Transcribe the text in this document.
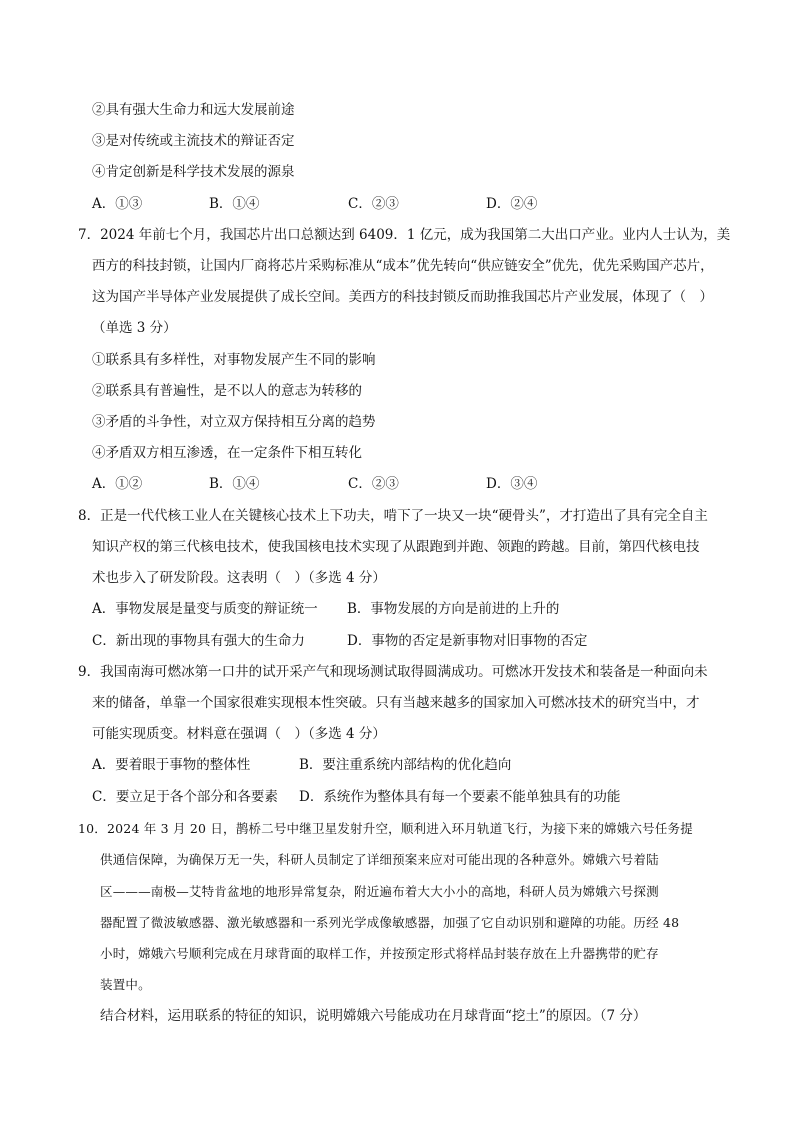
②具有强大生命力和远大发展前途
③是对传统或主流技术的辩证否定
④肯定创新是科学技术发展的源泉
A．①③	B．①④	C．②③	D．②④
7．2024 年前七个月，我国芯片出口总额达到 6409．1 亿元，成为我国第二大出口产业。业内人士认为，美
西方的科技封锁，让国内厂商将芯片采购标准从“成本”优先转向“供应链安全”优先，优先采购国产芯片，
这为国产半导体产业发展提供了成长空间。美西方的科技封锁反而助推我国芯片产业发展，体现了（　）
（单选 3 分）
①联系具有多样性，对事物发展产生不同的影响
②联系具有普遍性，是不以人的意志为转移的
③矛盾的斗争性，对立双方保持相互分离的趋势
④矛盾双方相互渗透，在一定条件下相互转化
A．①②	B．①④	C．②③	D．③④
8．正是一代代核工业人在关键核心技术上下功夫，啃下了一块又一块“硬骨头”，才打造出了具有完全自主
知识产权的第三代核电技术，使我国核电技术实现了从跟跑到并跑、领跑的跨越。目前，第四代核电技
术也步入了研发阶段。这表明（　）（多选 4 分）
A．事物发展是量变与质变的辩证统一 B．事物发展的方向是前进的上升的
C．新出现的事物具有强大的生命力	D．事物的否定是新事物对旧事物的否定
9．我国南海可燃冰第一口井的试开采产气和现场测试取得圆满成功。可燃冰开发技术和装备是一种面向未
来的储备，单靠一个国家很难实现根本性突破。只有当越来越多的国家加入可燃冰技术的研究当中，才
可能实现质变。材料意在强调（　）（多选 4 分）
A．要着眼于事物的整体性	B．要注重系统内部结构的优化趋向
C．要立足于各个部分和各要素 D．系统作为整体具有每一个要素不能单独具有的功能
10．2024 年 3 月 20 日，鹊桥二号中继卫星发射升空，顺利进入环月轨道飞行，为接下来的嫦娥六号任务提
供通信保障，为确保万无一失，科研人员制定了详细预案来应对可能出现的各种意外。嫦娥六号着陆
区———南极—艾特肯盆地的地形异常复杂，附近遍布着大大小小的高地，科研人员为嫦娥六号探测
器配置了微波敏感器、激光敏感器和一系列光学成像敏感器，加强了它自动识别和避障的功能。历经 48
小时，嫦娥六号顺利完成在月球背面的取样工作，并按预定形式将样品封装存放在上升器携带的贮存
装置中。
结合材料，运用联系的特征的知识，说明嫦娥六号能成功在月球背面“挖土”的原因。（7 分）
